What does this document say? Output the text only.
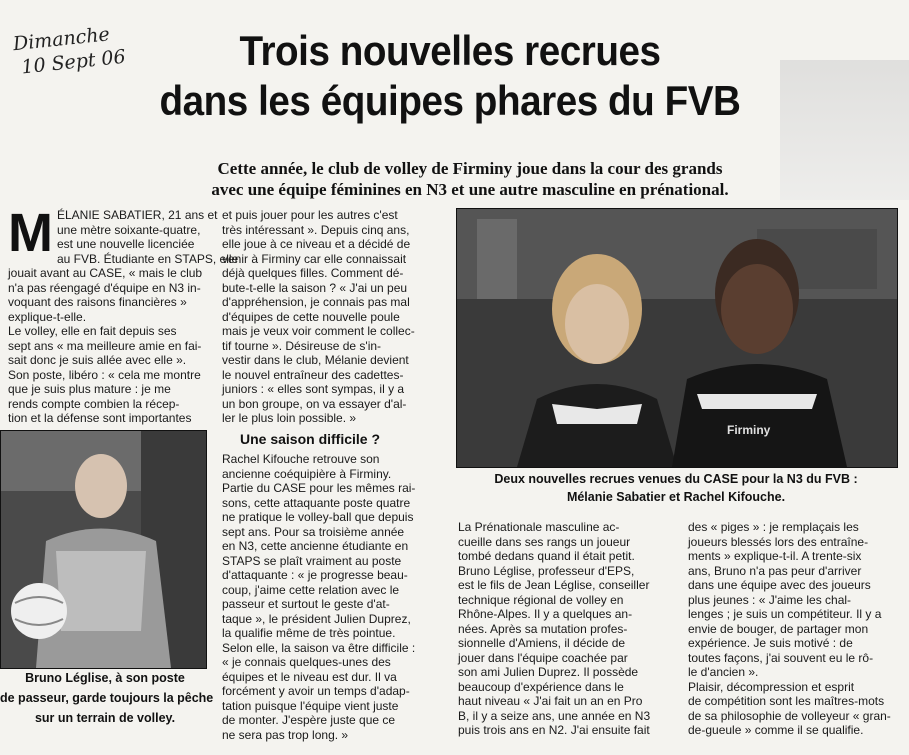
Dimanche
10 Sept 06	Trois nouvelles recrues
dans les équipes phares du FVB
Cette année, le club de volley de Firminy joue dans la cour des grands
avec une équipe féminines en N3 et une autre masculine en prénational.
M ÉLANIE SABATIER, 21 ans et
une mètre soixante-quatre,
est une nouvelle licenciée
au FVB. Étudiante en STAPS, elle
jouait avant au CASE, « mais le club
n'a pas réengagé d'équipe en N3 in-
voquant des raisons financières »
explique-t-elle.
Le volley, elle en fait depuis ses
sept ans « ma meilleure amie en fai-
sait donc je suis allée avec elle ».
Son poste, libéro : « cela me montre
que je suis plus mature : je me
rends compte combien la récep-
tion et la défense sont importantes
et puis jouer pour les autres c'est
très intéressant ». Depuis cinq ans,
elle joue à ce niveau et a décidé de
venir à Firminy car elle connaissait
déjà quelques filles. Comment dé-
bute-t-elle la saison ? « J'ai un peu
d'appréhension, je connais pas mal
d'équipes de cette nouvelle poule
mais je veux voir comment le collec-
tif tourne ». Désireuse de s'in-
vestir dans le club, Mélanie devient
le nouvel entraîneur des cadettes-
juniors : « elles sont sympas, il y a
un bon groupe, on va essayer d'al-
ler le plus loin possible. »
Une saison difficile ?
Rachel Kifouche retrouve son
ancienne coéquipière à Firminy.
Partie du CASE pour les mêmes rai-
sons, cette attaquante poste quatre
ne pratique le volley-ball que depuis
sept ans. Pour sa troisième année
en N3, cette ancienne étudiante en
STAPS se plaît vraiment au poste
d'attaquante : « je progresse beau-
coup, j'aime cette relation avec le
passeur et surtout le geste d'at-
taque », le président Julien Duprez,
la qualifie même de très pointue.
Selon elle, la saison va être difficile :
« je connais quelques-unes des
équipes et le niveau est dur. Il va
forcément y avoir un temps d'adap-
tation puisque l'équipe vient juste
de monter. J'espère juste que ce
ne sera pas trop long. »
Firminy
Deux nouvelles recrues venues du CASE pour la N3 du FVB :
Mélanie Sabatier et Rachel Kifouche.
Bruno Léglise, à son poste
de passeur, garde toujours la pêche
sur un terrain de volley.
La Prénationale masculine ac-
cueille dans ses rangs un joueur
tombé dedans quand il était petit.
Bruno Léglise, professeur d'EPS,
est le fils de Jean Léglise, conseiller
technique régional de volley en
Rhône-Alpes. Il y a quelques an-
nées. Après sa mutation profes-
sionnelle d'Amiens, il décide de
jouer dans l'équipe coachée par
son ami Julien Duprez. Il possède
beaucoup d'expérience dans le
haut niveau « J'ai fait un an en Pro
B, il y a seize ans, une année en N3
puis trois ans en N2. J'ai ensuite fait
des « piges » : je remplaçais les
joueurs blessés lors des entraîne-
ments » explique-t-il. A trente-six
ans, Bruno n'a pas peur d'arriver
dans une équipe avec des joueurs
plus jeunes : « J'aime les chal-
lenges ; je suis un compétiteur. Il y a
envie de bouger, de partager mon
expérience. Je suis motivé : de
toutes façons, j'ai souvent eu le rô-
le d'ancien ».
Plaisir, décompression et esprit
de compétition sont les maîtres-mots
de sa philosophie de volleyeur « gran-
de-gueule » comme il se qualifie.
